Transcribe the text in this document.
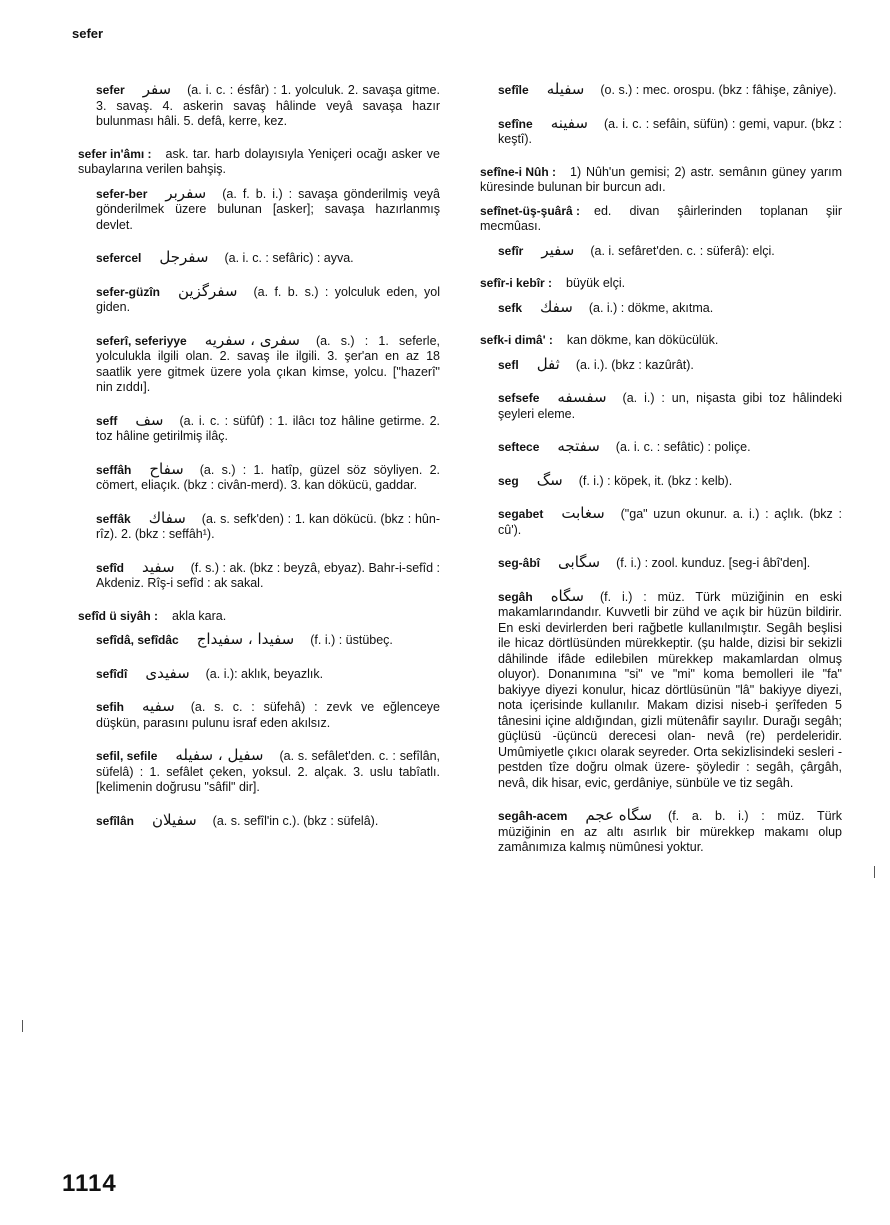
sefer
sefer سفر (a. i. c. : ésfâr) : 1. yolculuk. 2. savaşa gitme. 3. savaş. 4. askerin savaş hâlinde veyâ savaşa hazır bulunması hâli. 5. defâ, kerre, kez.
sefer in'âmı : ask. tar. harb dolayısıyla Yeniçeri ocağı asker ve subaylarına verilen bahşiş.
sefer-ber سفربر (a. f. b. i.) : savaşa gönderilmiş veyâ gönderilmek üzere bulunan [asker]; savaşa hazırlanmış devlet.
sefercel سفرجل (a. i. c. : sefâric) : ayva.
sefer-güzîn سفرگزین (a. f. b. s.) : yolculuk eden, yol giden.
seferî, seferiyye سفری ، سفریه (a. s.) : 1. seferle, yolculukla ilgili olan. 2. savaş ile ilgili. 3. şer'an en az 18 saatlik yere gitmek üzere yola çıkan kimse, yolcu. ["hazerî" nin zıddı].
seff سف (a. i. c. : süfûf) : 1. ilâcı toz hâline getirme. 2. toz hâline getirilmiş ilâç.
seffâh سفاح (a. s.) : 1. hatîp, güzel söz söyliyen. 2. cömert, eliaçık. (bkz : civân-merd). 3. kan dökücü, gaddar.
seffâk سفاك (a. s. sefk'den) : 1. kan dökücü. (bkz : hûn-rîz). 2. (bkz : seffâh¹).
sefîd سفید (f. s.) : ak. (bkz : beyzâ, ebyaz). Bahr-i-sefîd : Akdeniz. Rîş-i sefîd : ak sakal.
sefîd ü siyâh : akla kara.
sefîdâ, sefîdâc سفیدا ، سفیداج (f. i.) : üstübeç.
sefîdî سفیدی (a. i.): aklık, beyazlık.
sefih سفیه (a. s. c. : süfehâ) : zevk ve eğlenceye düşkün, parasını pulunu israf eden akılsız.
sefil, sefile سفیل ، سفیله (a. s. sefâlet'den. c. : sefîlân, süfelâ) : 1. sefâlet çeken, yoksul. 2. alçak. 3. uslu tabîatlı. [kelimenin doğrusu "sâfil" dir].
sefîlân سفیلان (a. s. sefîl'in c.). (bkz : süfelâ).
sefîle سفیله (o. s.) : mec. orospu. (bkz : fâhişe, zâniye).
sefîne سفینه (a. i. c. : sefâin, süfün) : gemi, vapur. (bkz : keştî).
sefîne-i Nûh : 1) Nûh'un gemisi; 2) astr. semânın güney yarım küresinde bulunan bir burcun adı.
sefînet-üş-şuârâ : ed. divan şâirlerinden toplanan şiir mecmûası.
sefîr سفیر (a. i. sefâret'den. c. : süferâ): elçi.
sefîr-i kebîr : büyük elçi.
sefk سفك (a. i.) : dökme, akıtma.
sefk-i dimâ' : kan dökme, kan dökücülük.
sefl ثفل (a. i.). (bkz : kazûrât).
sefsefe سفسفه (a. i.) : un, nişasta gibi toz hâlindeki şeyleri eleme.
seftece سفتجه (a. i. c. : sefâtic) : poliçe.
seg سگ (f. i.) : köpek, it. (bkz : kelb).
segabet سغابت ("ga" uzun okunur. a. i.) : açlık. (bkz : cû').
seg-âbî سگابی (f. i.) : zool. kunduz. [seg-i âbî'den].
segâh سگاه (f. i.) : müz. Türk müziğinin en eski makamlarındandır. Kuvvetli bir zühd ve açık bir hüzün bildirir. En eski devirlerden beri rağbetle kullanılmıştır. Segâh beşlisi ile hicaz dörtlüsünden mürekkeptir. (şu halde, dizisi bir sekizli dâhilinde ifâde edilebilen mürekkep makamlardan olmuş oluyor). Donanımına "si" ve "mi" koma bemolleri ile "fa" bakiyye diyezi konulur, hicaz dörtlüsünün "lâ" bakiyye diyezi, nota içerisinde kullanılır. Makam dizisi niseb-i şerîfeden 5 tânesini içine aldığından, gizli mütenâfir sayılır. Durağı segâh; güçlüsü -üçüncü derecesi olan- nevâ (re) perdeleridir. Umûmiyetle çıkıcı olarak seyreder. Orta sekizlisindeki sesleri -pestden tîze doğru olmak üzere- şöyledir : segâh, çârgâh, nevâ, dik hisar, evic, gerdâniye, sünbüle ve tiz segâh.
segâh-acem سگاه عجم (f. a. b. i.) : müz. Türk müziğinin en az altı asırlık bir mürekkep makamı olup zamânımıza kalmış nümûnesi yoktur.
1114
